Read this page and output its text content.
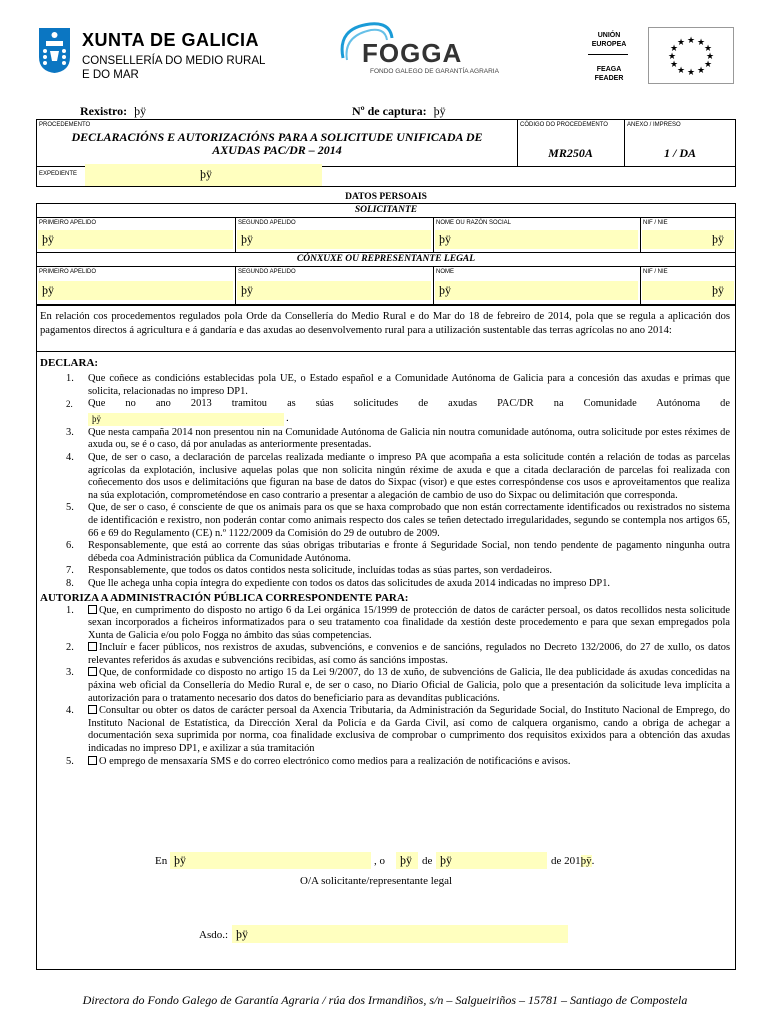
XUNTA DE GALICIA
CONSELLERÍA DO MEDIO RURAL
E DO MAR
FOGGA
FONDO GALEGO DE GARANTÍA AGRARIA
UNIÓN
EUROPEA
FEAGA
FEADER
★ ★
★
★
★
★
★
★
★
★
★
★
Rexistro: þÿ	Nº de captura: þÿ
PROCEDEMENTO
DECLARACIÓNS E AUTORIZACIÓNS PARA A SOLICITUDE UNIFICADA DE
AXUDAS PAC/DR – 2014
CÓDIGO DO PROCEDEMENTO
MR250A
ANEXO / IMPRESO
1 / DA
EXPEDIENTE	þÿ
DATOS PERSOAIS
SOLICITANTE
PRIMEIRO APELIDO	SEGUNDO APELIDO	NOME OU RAZÓN SOCIAL	NIF / NIE
þÿ	þÿ	þÿ	þÿ
CÓNXUXE OU REPRESENTANTE LEGAL
PRIMEIRO APELIDO	SEGUNDO APELIDO	NOME	NIF / NIE
þÿ	þÿ	þÿ	þÿ
En relación cos procedementos regulados pola Orde da Consellería do Medio Rural e do Mar do 18 de febreiro de 2014, pola que se regula a aplicación dos pagamentos directos á agricultura e á gandaría e das axudas ao desenvolvemento rural para a utilización sustentable das terras agrícolas no ano 2014:
DECLARA:
1. Que coñece as condicións establecidas pola UE, o Estado español e a Comunidade Autónoma de Galicia para a concesión das axudas e primas que solicita, relacionadas no impreso DP1.
2. Que no ano 2013 tramitou as súas solicitudes de axudas PAC/DR na Comunidade Autónoma de
þÿ	.
3. Que nesta campaña 2014 non presentou nin na Comunidade Autónoma de Galicia nin noutra comunidade autónoma, outra solicitude por estes réximes de axuda ou, se é o caso, dá por anuladas as anteriormente presentadas.
4. Que, de ser o caso, a declaración de parcelas realizada mediante o impreso PA que acompaña a esta solicitude contén a relación de todas as parcelas agrícolas da explotación, inclusive aquelas polas que non solicita ningún réxime de axuda e que a citada declaración de parcelas foi realizada con coñecemento dos usos e delimitacións que figuran na base de datos do Sixpac (visor) e que estes correspóndense cos usos e aproveitamentos que realiza na súa explotación, comprometéndose en caso contrario a presentar a alegación de cambio de uso do Sixpac ou delimitación que corresponda.
5. Que, de ser o caso, é consciente de que os animais para os que se haxa comprobado que non están correctamente identificados ou rexistrados no sistema de identificación e rexistro, non poderán contar como animais respecto dos cales se teñen detectado irregularidades, segundo se contempla nos artigos 65, 66 e 69 do Regulamento (CE) n.º 1122/2009 da Comisión do 29 de outubro de 2009.
6. Responsablemente, que está ao corrente das súas obrigas tributarias e fronte á Seguridade Social, non tendo pendente de pagamento ningunha outra débeda coa Administración pública da Comunidade Autónoma.
7. Responsablemente, que todos os datos contidos nesta solicitude, incluídas todas as súas partes, son verdadeiros.
8. Que lle achega unha copia íntegra do expediente con todos os datos das solicitudes de axuda 2014 indicadas no impreso DP1.
AUTORIZA A ADMINISTRACIÓN PÚBLICA CORRESPONDENTE PARA:
1. Que, en cumprimento do disposto no artigo 6 da Lei orgánica 15/1999 de protección de datos de carácter persoal, os datos recollidos nesta solicitude sexan incorporados a ficheiros informatizados para o seu tratamento coa finalidade da xestión deste procedemento e para que sexan empregados pola Xunta de Galicia e/ou polo Fogga no ámbito das súas competencias.
2. Incluír e facer públicos, nos rexistros de axudas, subvencións, e convenios e de sancións, regulados no Decreto 132/2006, do 27 de xullo, os datos relevantes referidos ás axudas e subvencións recibidas, así como ás sancións impostas.
3. Que, de conformidade co disposto no artigo 15 da Lei 9/2007, do 13 de xuño, de subvencións de Galicia, lle dea publicidade ás axudas concedidas na páxina web oficial da Consellería do Medio Rural e, de ser o caso, no Diario Oficial de Galicia, polo que a presentación da solicitude leva implícita a autorización para o tratamento necesario dos datos do beneficiario para as devandítas publicacións.
4. Consultar ou obter os datos de carácter persoal da Axencia Tributaria, da Administración da Seguridade Social, do Instituto Nacional de Emprego, do Instituto Nacional de Estatística, da Dirección Xeral da Policía e da Garda Civil, así como de calquera organismo, cando a obriga de achegar a documentación sexa suprimida por norma, coa finalidade exclusiva de comprobar o cumprimento dos requisitos exixidos para a obtención das axudas indicadas no impreso DP1, e axilizar a súa tramitación
5. O emprego de mensaxaría SMS e do correo electrónico como medios para a realización de notificacións e avisos.
En þÿ	, o	þÿ de þÿ	de 201þÿ.
O/A solicitante/representante legal
Asdo.: þÿ
Directora do Fondo Galego de Garantía Agraria / rúa dos Irmandiños, s/n – Salgueiriños – 15781 – Santiago de Compostela
